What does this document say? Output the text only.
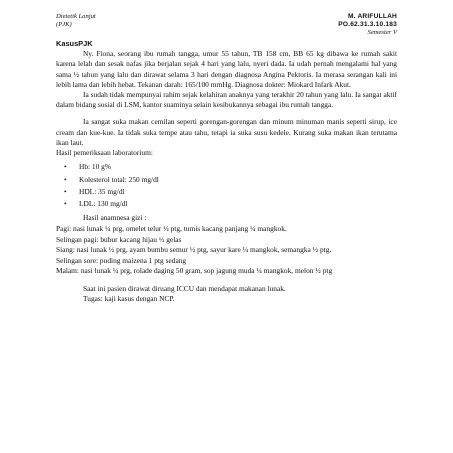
Dietetik Lanjut
(PJK)
M. ARIFULLAH
PO.62.31.3.10.183
Semester V
KasusPJK

Ny. Fiona, seorang ibu rumah tangga, umur 55 tahun, TB 158 cm, BB 65 kg dibawa ke rumah sakit karena lelah dan sesak nafas jika berjalan sejak 4 hari yang lalu, nyeri dada. Ia udah pernah mengalami hal yang sama ½ tahun yang lalu dan dirawat selama 3 hari dengan diagnosa Angina Pektoris. Ia merasa serangan kali ini lebih lama dan lebih hebat. Tekanan darah: 165/100 mmHg. Diagnosa dokter: Miokard Infark Akut.

Ia sudah tidak mempunyai rahim sejak kelahiran anaknya yang terakhir 20 tahun yang lalu. Ia sangat aktif dalam bidang sosial di LSM, kantor suaminya selain kesibukannya sebagai ibu rumah tangga.

Ia sangat suka makan cemilan seperti gorengan-gorengan dan minum minuman manis seperti sirup, ice cream dan kue-kue. Ia tidak suka tempe atau tahu, tetapi ia suka susu kedele. Kurang suka makan ikan terutama ikan laut.

Hasil pemeriksaan laboratorium:

• Hb: 10 g%
• Kolesterol total: 250 mg/dl
• HDL: 35 mg/dl
• LDL: 130 mg/dl

Hasil anamnesa gizi :

Pagi: nasi lunak ¼ prg, omelet telur ½ ptg, tumis kacang panjang ¼ mangkok.

Selingan pagi: bubur kacang hijau ½ gelas

Siang: nasi lunak ½ prg, ayam bumbu semur ½ ptg, sayur kare ¼ mangkok, semangka ½ ptg.

Selingan sore: puding maizena 1 ptg sedang

Malam: nasi lunak ¼ prg, rolade daging 50 gram, sop jagung muda ¼ mangkok, melon ½ ptg

Saat ini pasien dirawat diruang ICCU dan mendapat makanan lunak.

Tugas: kaji kasus dengan NCP.
